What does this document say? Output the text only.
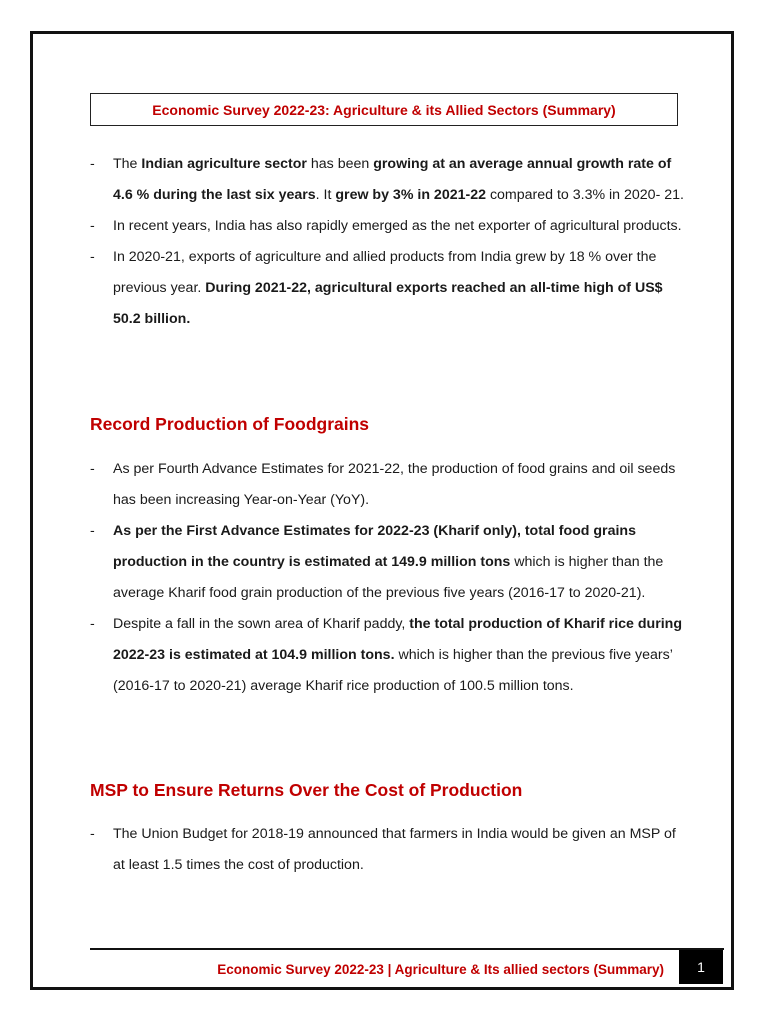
Economic Survey 2022-23: Agriculture & its Allied Sectors (Summary)
- The Indian agriculture sector has been growing at an average annual growth rate of 4.6 % during the last six years. It grew by 3% in 2021-22 compared to 3.3% in 2020- 21.
- In recent years, India has also rapidly emerged as the net exporter of agricultural products.
- In 2020-21, exports of agriculture and allied products from India grew by 18 % over the previous year. During 2021-22, agricultural exports reached an all-time high of US$ 50.2 billion.
Record Production of Foodgrains
- As per Fourth Advance Estimates for 2021-22, the production of food grains and oil seeds has been increasing Year-on-Year (YoY).
- As per the First Advance Estimates for 2022-23 (Kharif only), total food grains production in the country is estimated at 149.9 million tons which is higher than the average Kharif food grain production of the previous five years (2016-17 to 2020-21).
- Despite a fall in the sown area of Kharif paddy, the total production of Kharif rice during 2022-23 is estimated at 104.9 million tons. which is higher than the previous five years’ (2016-17 to 2020-21) average Kharif rice production of 100.5 million tons.
MSP to Ensure Returns Over the Cost of Production
- The Union Budget for 2018-19 announced that farmers in India would be given an MSP of at least 1.5 times the cost of production.
Economic Survey 2022-23 | Agriculture & Its allied sectors (Summary)	1
